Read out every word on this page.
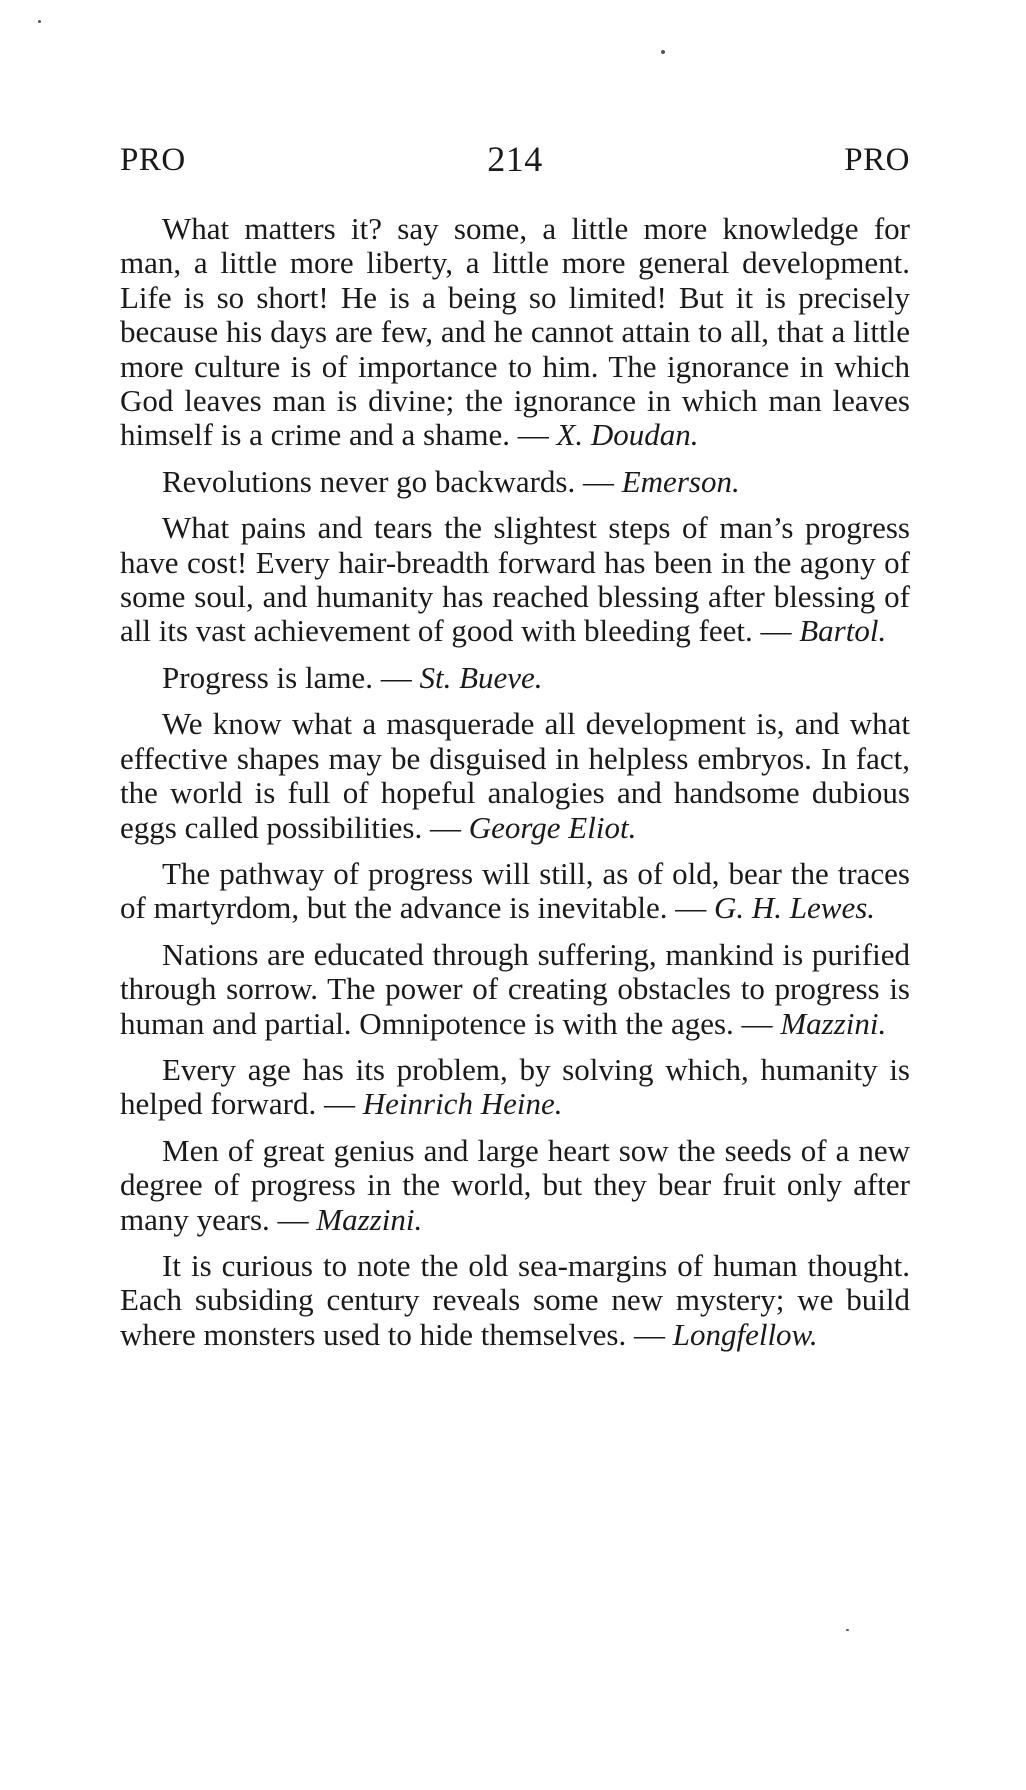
PRO	214	PRO

What matters it? say some, a little more knowledge for man, a little more liberty, a little more general development. Life is so short! He is a being so limited! But it is precisely because his days are few, and he cannot attain to all, that a little more culture is of importance to him. The ignorance in which God leaves man is divine; the ignorance in which man leaves himself is a crime and a shame. — X. Doudan.

Revolutions never go backwards. — Emerson.

What pains and tears the slightest steps of man’s progress have cost! Every hair-breadth forward has been in the agony of some soul, and humanity has reached blessing after blessing of all its vast achievement of good with bleeding feet. — Bartol.

Progress is lame. — St. Bueve.

We know what a masquerade all development is, and what effective shapes may be disguised in helpless embryos. In fact, the world is full of hopeful analogies and handsome dubious eggs called possibilities. — George Eliot.

The pathway of progress will still, as of old, bear the traces of martyrdom, but the advance is inevitable. — G. H. Lewes.

Nations are educated through suffering, mankind is purified through sorrow. The power of creating obstacles to progress is human and partial. Omnipotence is with the ages. — Mazzini.

Every age has its problem, by solving which, humanity is helped forward. — Heinrich Heine.

Men of great genius and large heart sow the seeds of a new degree of progress in the world, but they bear fruit only after many years. — Mazzini.

It is curious to note the old sea-margins of human thought. Each subsiding century reveals some new mystery; we build where monsters used to hide themselves. — Longfellow.
